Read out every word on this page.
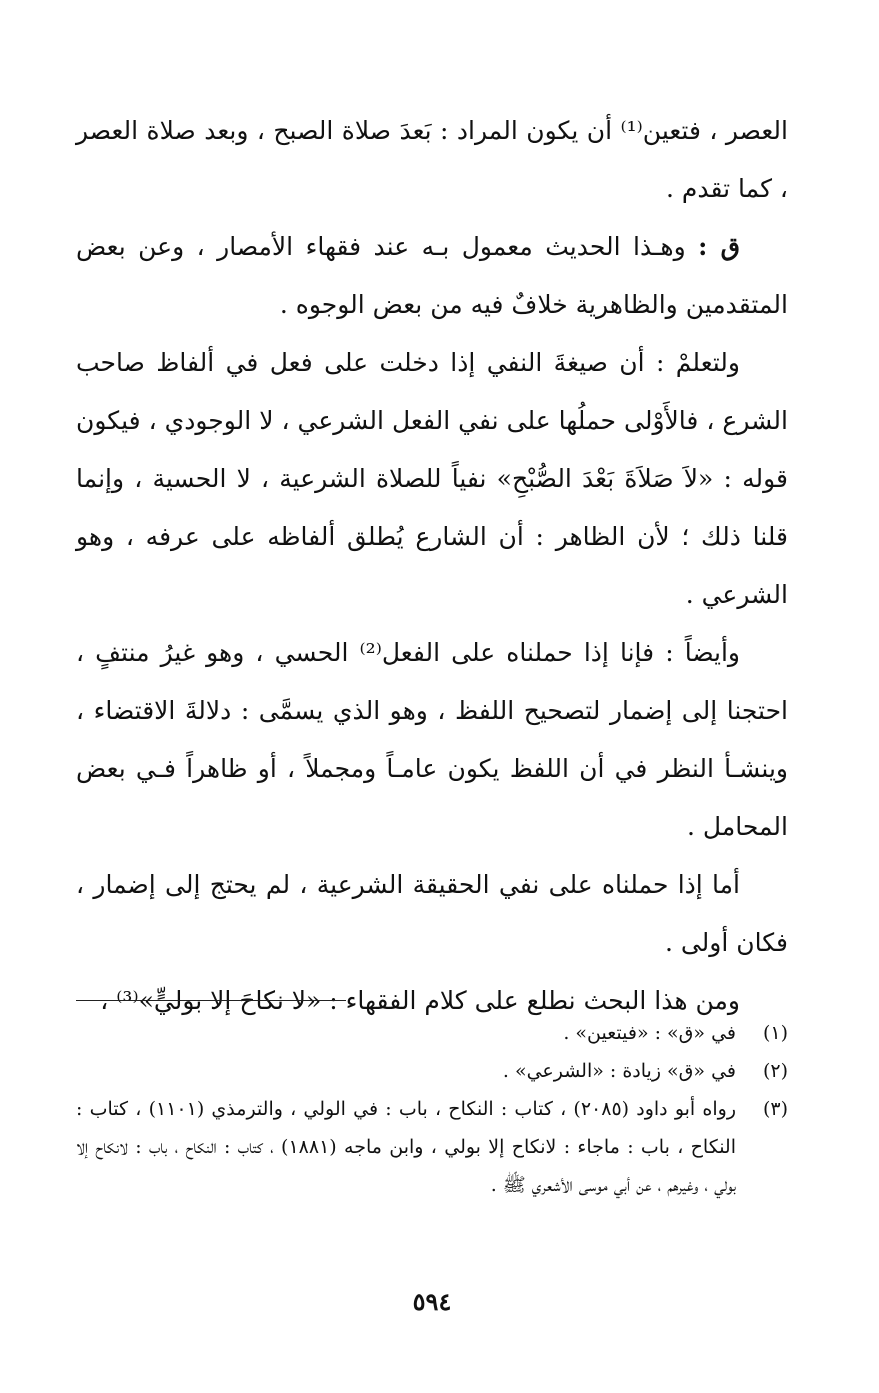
العصر ، فتعين⁽¹⁾ أن يكون المراد : بَعدَ صلاة الصبح ، وبعد صلاة العصر ، كما تقدم .

ق : وهـذا الحديث معمول بـه عند فقهاء الأمصار ، وعن بعض المتقدمين والظاهرية خلافٌ فيه من بعض الوجوه .

ولتعلمْ : أن صيغةَ النفي إذا دخلت على فعل في ألفاظ صاحب الشرع ، فالأَوْلى حملُها على نفي الفعل الشرعي ، لا الوجودي ، فيكون قوله : «لاَ صَلاَةَ بَعْدَ الصُّبْحِ» نفياً للصلاة الشرعية ، لا الحسية ، وإنما قلنا ذلك ؛ لأن الظاهر : أن الشارع يُطلق ألفاظه على عرفه ، وهو الشرعي .

وأيضاً : فإنا إذا حملناه على الفعل⁽²⁾ الحسي ، وهو غيرُ منتفٍ ، احتجنا إلى إضمار لتصحيح اللفظ ، وهو الذي يسمَّى : دلالةَ الاقتضاء ، وينشـأ النظر في أن اللفظ يكون عامـاً ومجملاً ، أو ظاهراً فـي بعض المحامل .

أما إذا حملناه على نفي الحقيقة الشرعية ، لم يحتج إلى إضمار ، فكان أولى .

ومن هذا البحث نطلع على كلام الفقهاء : «لا نكاحَ إلا بوليٍّ»⁽³⁾ ،

(١)
في «ق» : «فيتعين» .
(٢)
في «ق» زيادة : «الشرعي» .
(٣)
رواه أبو داود (٢٠٨٥) ، كتاب : النكاح ، باب : في الولي ، والترمذي (١١٠١) ، كتاب : النكاح ، باب : ماجاء : لانكاح إلا بولي ، وابن ماجه (١٨٨١) ، كتاب : النكاح ، باب : لانكاح إلا بولي ، وغيرهم ، عن أبي موسى الأشعري ﷺ .
٥٩٤
